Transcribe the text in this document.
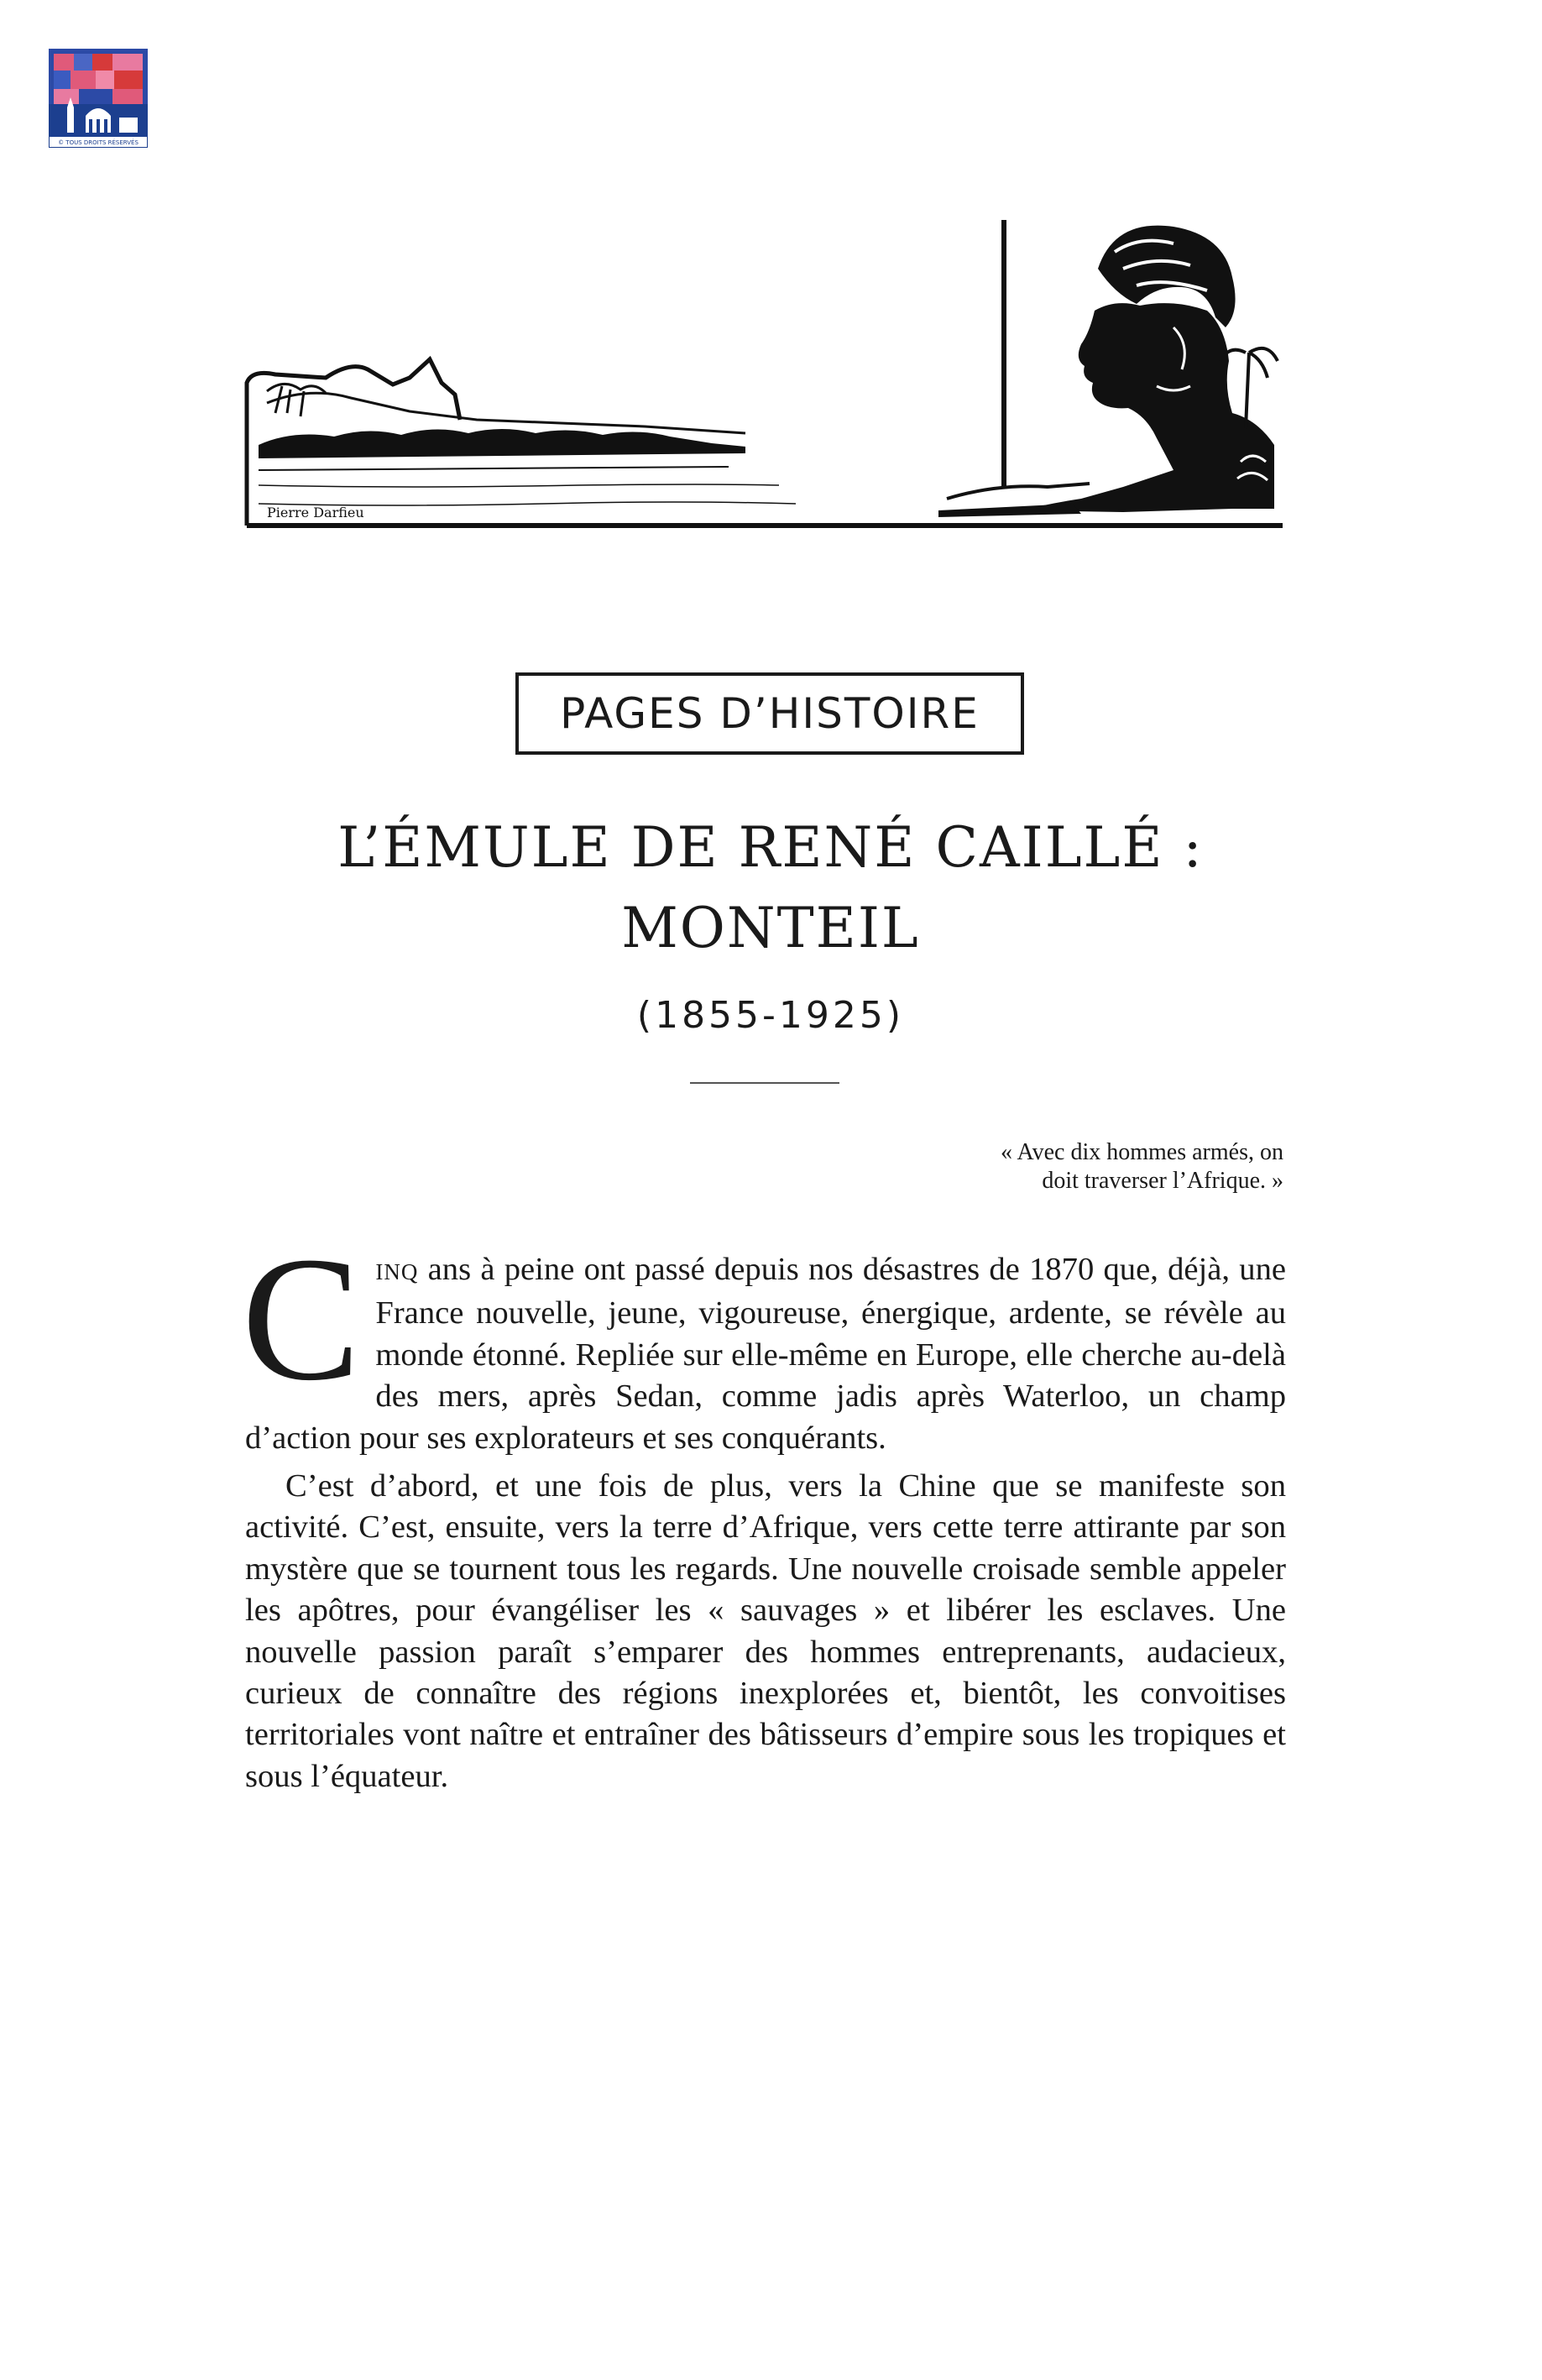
© TOUS DROITS RÉSERVÉS
Pierre Darfieu
PAGES D’HISTOIRE
L’ÉMULE DE RENÉ CAILLÉ :
MONTEIL
(1855-1925)
« Avec dix hommes armés, on
doit traverser l’Afrique. »

CINQ ans à peine ont passé depuis nos désastres de 1870 que, déjà, une France nouvelle, jeune, vigoureuse, énergique, ardente, se révèle au monde étonné. Repliée sur elle-même en Europe, elle cherche au-delà des mers, après Sedan, comme jadis après Waterloo, un champ d’action pour ses explorateurs et ses conquérants.

C’est d’abord, et une fois de plus, vers la Chine que se manifeste son activité. C’est, ensuite, vers la terre d’Afrique, vers cette terre attirante par son mystère que se tournent tous les regards. Une nouvelle croisade semble appeler les apôtres, pour évangéliser les « sauvages » et libérer les esclaves. Une nouvelle passion paraît s’emparer des hommes entreprenants, audacieux, curieux de connaître des régions inexplorées et, bientôt, les convoitises territoriales vont naître et entraîner des bâtisseurs d’empire sous les tropiques et sous l’équateur.
